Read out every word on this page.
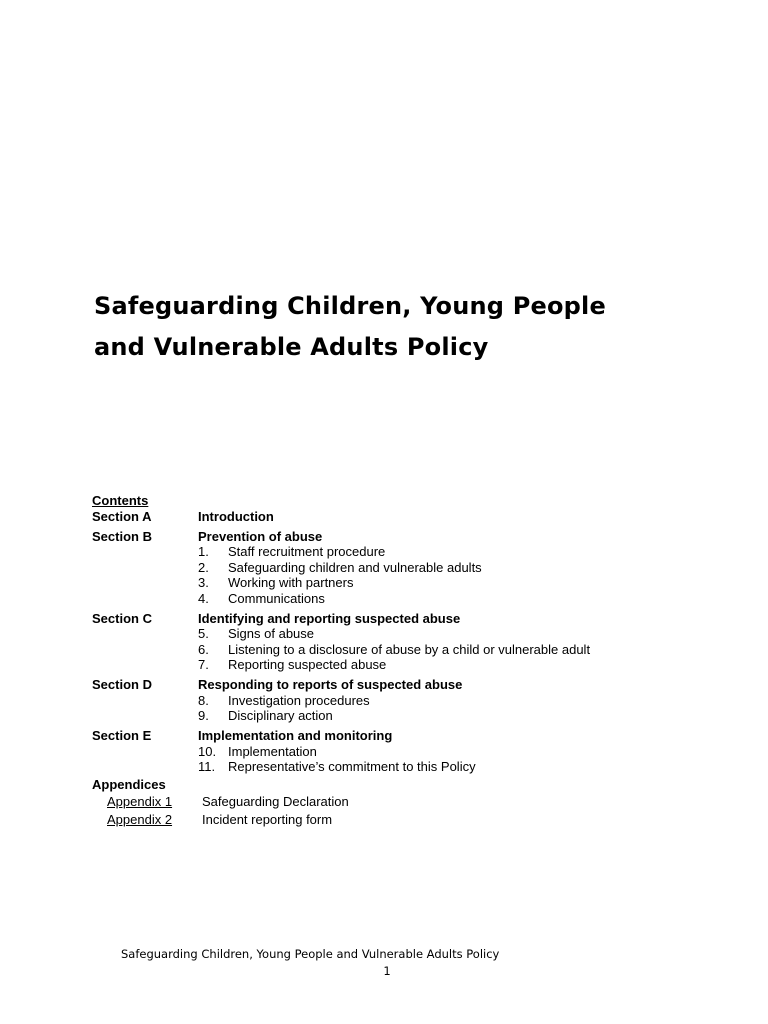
Safeguarding Children, Young People
and Vulnerable Adults Policy
Contents
Section A	Introduction
Section B	Prevention of abuse
1.	Staff recruitment procedure
2.	Safeguarding children and vulnerable adults
3.	Working with partners
4.	Communications
Section C	Identifying and reporting suspected abuse
5.	Signs of abuse
6.	Listening to a disclosure of abuse by a child or vulnerable adult
7.	Reporting suspected abuse
Section D	Responding to reports of suspected abuse
8.	Investigation procedures
9.	Disciplinary action
Section E	Implementation and monitoring
10. Implementation
11. Representative’s commitment to this Policy
Appendices
Appendix 1	Safeguarding Declaration
Appendix 2	Incident reporting form
Safeguarding Children, Young People and Vulnerable Adults Policy
1
